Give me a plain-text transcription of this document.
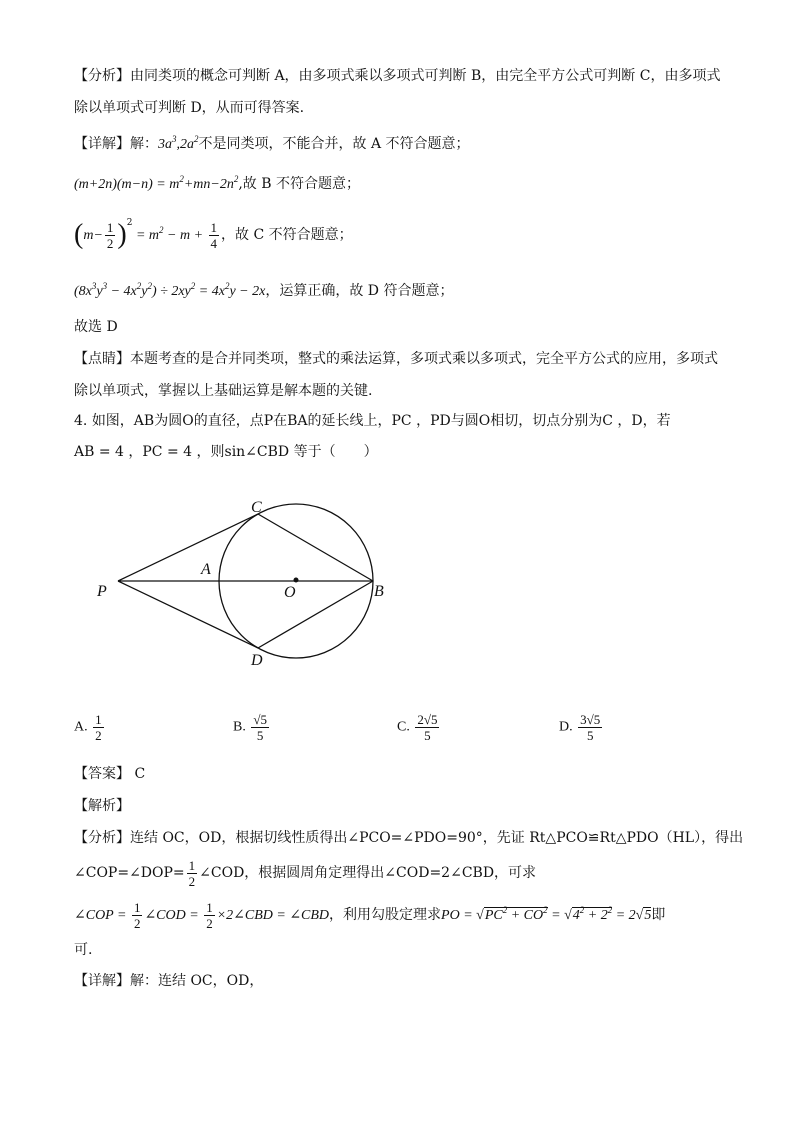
【分析】由同类项的概念可判断 A，由多项式乘以多项式可判断 B，由完全平方公式可判断 C，由多项式
除以单项式可判断 D，从而可得答案.
【详解】解：$3a^3,2a^2$不是同类项，不能合并，故 A 不符合题意；
$(m+2n)(m-n) = m^2+mn-2n^2$,故 B 不符合题意；
$(m- \frac{1}{2} )^2 = m^2 - m + \frac{1}{4}$ ，故 C 不符合题意；
$(8x^3y^3 - 4x^2y^2) \div 2xy^2 = 4x^2y - 2x$，运算正确，故 D 符合题意；
故选 D
【点睛】本题考查的是合并同类项，整式的乘法运算，多项式乘以多项式，完全平方公式的应用，多项式
除以单项式，掌握以上基础运算是解本题的关键.
4. 如图，AB为圆O的直径，点P在BA的延长线上，PC ，PD与圆O相切，切点分别为C ，D，若
AB = 4 ，PC = 4 ，则sin∠CBD 等于（　　）
P
A
O	B
C
D
A. $\frac{1}{2}$	B. $\frac{√5}{5}$	C. $\frac{2√5}{5}$	D. $\frac{3√5}{5}$
【答案】 C
【解析】
【分析】连结 OC，OD，根据切线性质得出∠PCO=∠PDO=90°，先证 Rt△PCO≌Rt△PDO（HL），得出
∠COP=∠DOP= $\frac{1}{2}$ ∠COD，根据圆周角定理得出∠COD=2∠CBD，可求
∠COP = $\frac{1}{2}$ ∠COD = $\frac{1}{2}$ ×2∠CBD = ∠CBD，利用勾股定理求PO = $√PC^2 + CO^2 = √4^2 + 2^2 = 2√5$即
可.
【详解】解：连结 OC，OD，
